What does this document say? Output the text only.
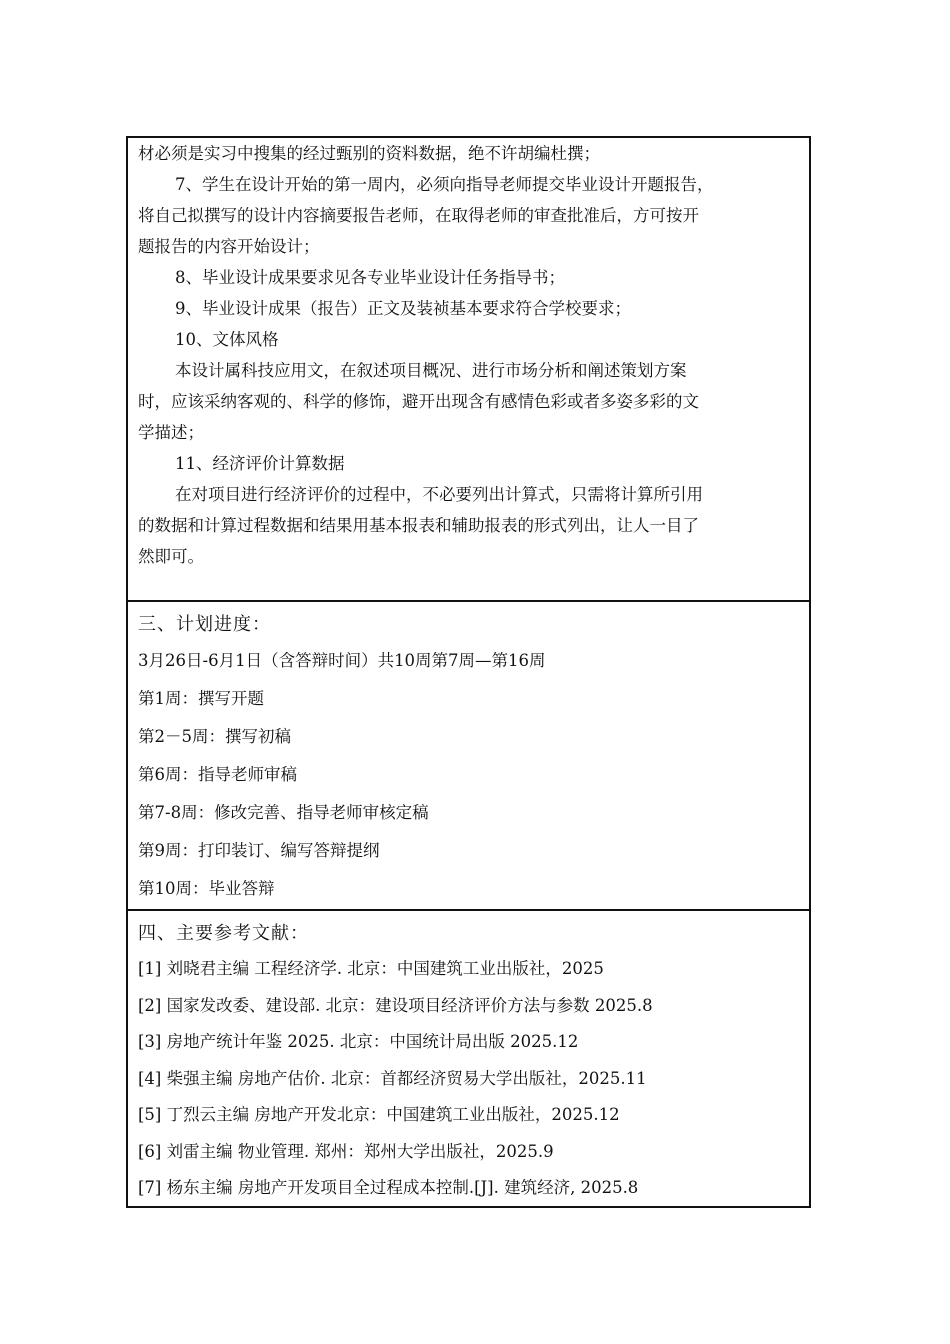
材必须是实习中搜集的经过甄别的资料数据，绝不许胡编杜撰；
7、学生在设计开始的第一周内，必须向指导老师提交毕业设计开题报告，
将自己拟撰写的设计内容摘要报告老师，在取得老师的审查批准后，方可按开
题报告的内容开始设计；
8、毕业设计成果要求见各专业毕业设计任务指导书；
9、毕业设计成果（报告）正文及装祯基本要求符合学校要求；
10、文体风格
本设计属科技应用文，在叙述项目概况、进行市场分析和阐述策划方案
时，应该采纳客观的、科学的修饰，避开出现含有感情色彩或者多姿多彩的文
学描述；
11、经济评价计算数据
在对项目进行经济评价的过程中，不必要列出计算式，只需将计算所引用
的数据和计算过程数据和结果用基本报表和辅助报表的形式列出，让人一目了
然即可。
三、计划进度：
3月26日-6月1日（含答辩时间）共10周第7周—第16周
第1周：撰写开题
第2－5周：撰写初稿
第6周：指导老师审稿
第7-8周：修改完善、指导老师审核定稿
第9周：打印装订、编写答辩提纲
第10周：毕业答辩
四、主要参考文献：
[1] 刘晓君主编 工程经济学. 北京：中国建筑工业出版社，2025
[2] 国家发改委、建设部. 北京：建设项目经济评价方法与参数 2025.8
[3] 房地产统计年鉴 2025. 北京：中国统计局出版 2025.12
[4] 柴强主编 房地产估价. 北京：首都经济贸易大学出版社，2025.11
[5] 丁烈云主编 房地产开发北京：中国建筑工业出版社，2025.12
[6] 刘雷主编 物业管理. 郑州：郑州大学出版社，2025.9
[7] 杨东主编 房地产开发项目全过程成本控制.[J]. 建筑经济, 2025.8
